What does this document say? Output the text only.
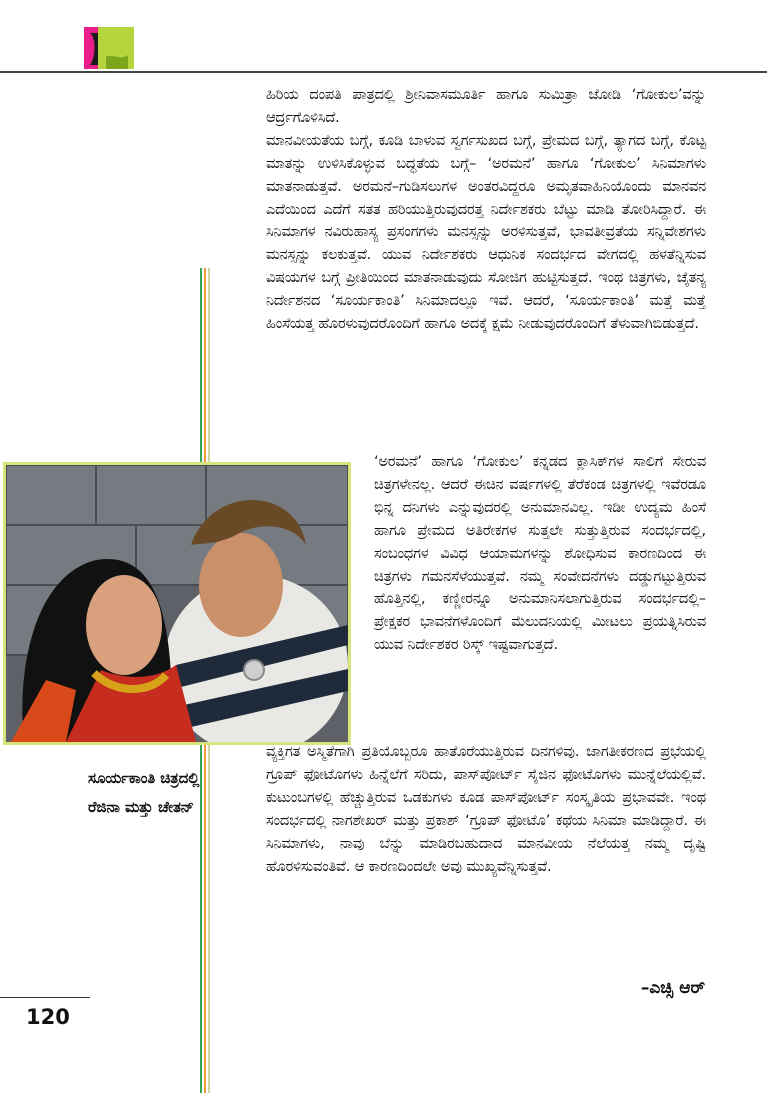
ಹಿರಿಯ ದಂಪತಿ ಪಾತ್ರದಲ್ಲಿ ಶ್ರೀನಿವಾಸಮೂರ್ತಿ ಹಾಗೂ ಸುಮಿತ್ರಾ ಜೋಡಿ ‘ಗೋಕುಲ’ವನ್ನು ಆರ್ದ್ರಗೊಳಿಸಿದೆ.
ಮಾನವೀಯತೆಯ ಬಗ್ಗೆ, ಕೂಡಿ ಬಾಳುವ ಸ್ವರ್ಗಸುಖದ ಬಗ್ಗೆ, ಪ್ರೇಮದ ಬಗ್ಗೆ, ತ್ಯಾಗದ ಬಗ್ಗೆ, ಕೊಟ್ಟ ಮಾತನ್ನು ಉಳಿಸಿಕೊಳ್ಳುವ ಬದ್ಧತೆಯ ಬಗ್ಗೆ– ‘ಅರಮನೆ’ ಹಾಗೂ ‘ಗೋಕುಲ’ ಸಿನಿಮಾಗಳು ಮಾತನಾಡುತ್ತವೆ. ಅರಮನೆ–ಗುಡಿಸಲುಗಳ ಅಂತರವಿದ್ದರೂ ಅಮೃತವಾಹಿನಿಯೊಂದು ಮಾನವನ ಎದೆಯಿಂದ ಎದೆಗೆ ಸತತ ಹರಿಯುತ್ತಿರುವುದರತ್ತ ನಿರ್ದೇಶಕರು ಬೆಟ್ಟು ಮಾಡಿ ತೋರಿಸಿದ್ದಾರೆ. ಈ ಸಿನಿಮಾಗಳ ನವಿರುಹಾಸ್ಯ ಪ್ರಸಂಗಗಳು ಮನಸ್ಸನ್ನು ಅರಳಿಸುತ್ತವೆ, ಭಾವತೀವ್ರತೆಯ ಸನ್ನಿವೇಶಗಳು ಮನಸ್ಸನ್ನು ಕಲಕುತ್ತವೆ. ಯುವ ನಿರ್ದೇಶಕರು ಆಧುನಿಕ ಸಂದರ್ಭದ ವೇಗದಲ್ಲಿ ಹಳತೆನ್ನಿಸುವ ವಿಷಯಗಳ ಬಗ್ಗೆ ಪ್ರೀತಿಯಿಂದ ಮಾತನಾಡುವುದು ಸೋಜಿಗ ಹುಟ್ಟಿಸುತ್ತದೆ. ಇಂಥ ಚಿತ್ರಗಳು, ಚೈತನ್ಯ ನಿರ್ದೇಶನದ ‘ಸೂರ್ಯಕಾಂತಿ’ ಸಿನಿಮಾದಲ್ಲೂ ಇವೆ. ಆದರೆ, ‘ಸೂರ್ಯಕಾಂತಿ’ ಮತ್ತೆ ಮತ್ತೆ ಹಿಂಸೆಯತ್ತ ಹೊರಳುವುದರೊಂದಿಗೆ ಹಾಗೂ ಅದಕ್ಕೆ ಕ್ಷಮೆ ನೀಡುವುದರೊಂದಿಗೆ ತೆಳುವಾಗಿಬಿಡುತ್ತದೆ.

‘ಅರಮನೆ’ ಹಾಗೂ ‘ಗೋಕುಲ’ ಕನ್ನಡದ ಕ್ಲಾಸಿಕ್‌ಗಳ ಸಾಲಿಗೆ ಸೇರುವ ಚಿತ್ರಗಳೇನಲ್ಲ. ಆದರೆ ಈಚಿನ ವರ್ಷಗಳಲ್ಲಿ ತೆರೆಕಂಡ ಚಿತ್ರಗಳಲ್ಲಿ ಇವೆರಡೂ ಭಿನ್ನ ದನಿಗಳು ಎನ್ನುವುದರಲ್ಲಿ ಅನುಮಾನವಿಲ್ಲ. ಇಡೀ ಉದ್ಯಮ ಹಿಂಸೆ ಹಾಗೂ ಪ್ರೇಮದ ಅತಿರೇಕಗಳ ಸುತ್ತಲೇ ಸುತ್ತುತ್ತಿರುವ ಸಂದರ್ಭದಲ್ಲಿ, ಸಂಬಂಧಗಳ ವಿವಿಧ ಆಯಾಮಗಳನ್ನು ಶೋಧಿಸುವ ಕಾರಣದಿಂದ ಈ ಚಿತ್ರಗಳು ಗಮನಸೆಳೆಯುತ್ತವೆ. ನಮ್ಮ ಸಂವೇದನೆಗಳು ದಡ್ಡುಗಟ್ಟುತ್ತಿರುವ ಹೊತ್ತಿನಲ್ಲಿ, ಕಣ್ಣೀರನ್ನೂ ಅನುಮಾನಿಸಲಾಗುತ್ತಿರುವ ಸಂದರ್ಭದಲ್ಲಿ– ಪ್ರೇಕ್ಷಕರ ಭಾವನೆಗಳೊಂದಿಗೆ ಮೆಲುದನಿಯಲ್ಲಿ ಮೀಟಲು ಪ್ರಯತ್ನಿಸಿರುವ ಯುವ ನಿರ್ದೇಶಕರ ರಿಸ್ಕ್ ಇಷ್ಟವಾಗುತ್ತದೆ.

ವ್ಯಕ್ತಿಗತ ಅಸ್ಮಿತೆಗಾಗಿ ಪ್ರತಿಯೊಬ್ಬರೂ ಹಾತೊರೆಯುತ್ತಿರುವ ದಿನಗಳಿವು. ಜಾಗತೀಕರಣದ ಪ್ರಭೆಯಲ್ಲಿ ಗ್ರೂಪ್ ಫೋಟೊಗಳು ಹಿನ್ನೆಲೆಗೆ ಸರಿದು, ಪಾಸ್‌ಪೋರ್ಟ್ ಸೈಜಿನ ಫೋಟೊಗಳು ಮುನ್ನೆಲೆಯಲ್ಲಿವೆ. ಕುಟುಂಬಗಳಲ್ಲಿ ಹೆಚ್ಚುತ್ತಿರುವ ಒಡಕುಗಳು ಕೂಡ ಪಾಸ್‌ಪೋರ್ಟ್ ಸಂಸ್ಕೃತಿಯ ಪ್ರಭಾವವೇ. ಇಂಥ ಸಂದರ್ಭದಲ್ಲಿ ನಾಗಶೇಖರ್ ಮತ್ತು ಪ್ರಕಾಶ್ ‘ಗ್ರೂಪ್ ಫೋಟೊ’ ಕಥೆಯ ಸಿನಿಮಾ ಮಾಡಿದ್ದಾರೆ. ಈ ಸಿನಿಮಾಗಳು, ನಾವು ಬೆನ್ನು ಮಾಡಿರಬಹುದಾದ ಮಾನವೀಯ ನೆಲೆಯತ್ತ ನಮ್ಮ ದೃಷ್ಟಿ ಹೊರಳಿಸುವಂತಿವೆ. ಆ ಕಾರಣದಿಂದಲೇ ಅವು ಮುಖ್ಯವೆನ್ನಿಸುತ್ತವೆ.

–ಎಚ್ಸಿ ಆರ್

ಸೂರ್ಯಕಾಂತಿ ಚಿತ್ರದಲ್ಲಿ ರೆಜಿನಾ ಮತ್ತು ಚೇತನ್

120
